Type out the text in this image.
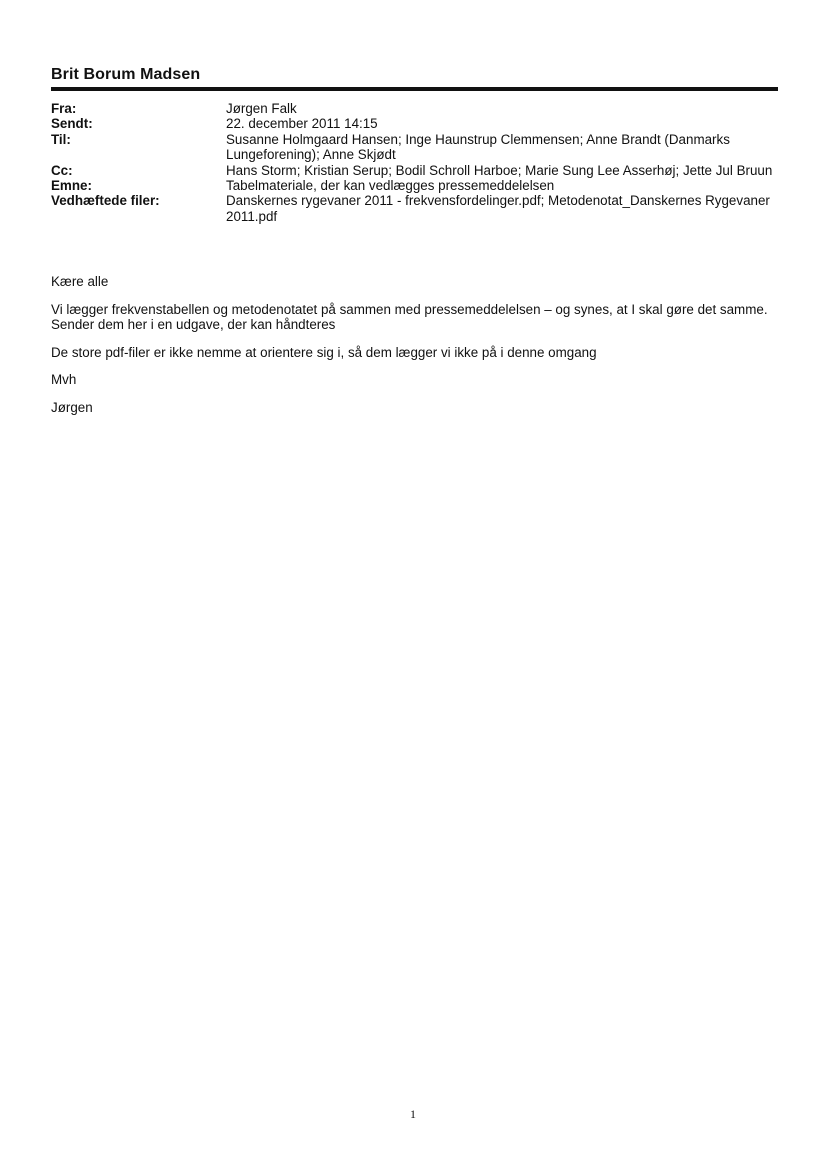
Brit Borum Madsen
Fra:	Jørgen Falk
Sendt:	22. december 2011 14:15
Til:	Susanne Holmgaard Hansen; Inge Haunstrup Clemmensen; Anne Brandt (Danmarks Lungeforening); Anne Skjødt
Cc:	Hans Storm; Kristian Serup; Bodil Schroll Harboe; Marie Sung Lee Asserhøj; Jette Jul Bruun
Emne:	Tabelmateriale, der kan vedlægges pressemeddelelsen
Vedhæftede filer:	Danskernes rygevaner 2011 - frekvensfordelinger.pdf; Metodenotat_Danskernes Rygevaner 2011.pdf

Kære alle

Vi lægger frekvenstabellen og metodenotatet på sammen med pressemeddelelsen – og synes, at I skal gøre det samme. Sender dem her i en udgave, der kan håndteres

De store pdf-filer er ikke nemme at orientere sig i, så dem lægger vi ikke på i denne omgang

Mvh

Jørgen

1
